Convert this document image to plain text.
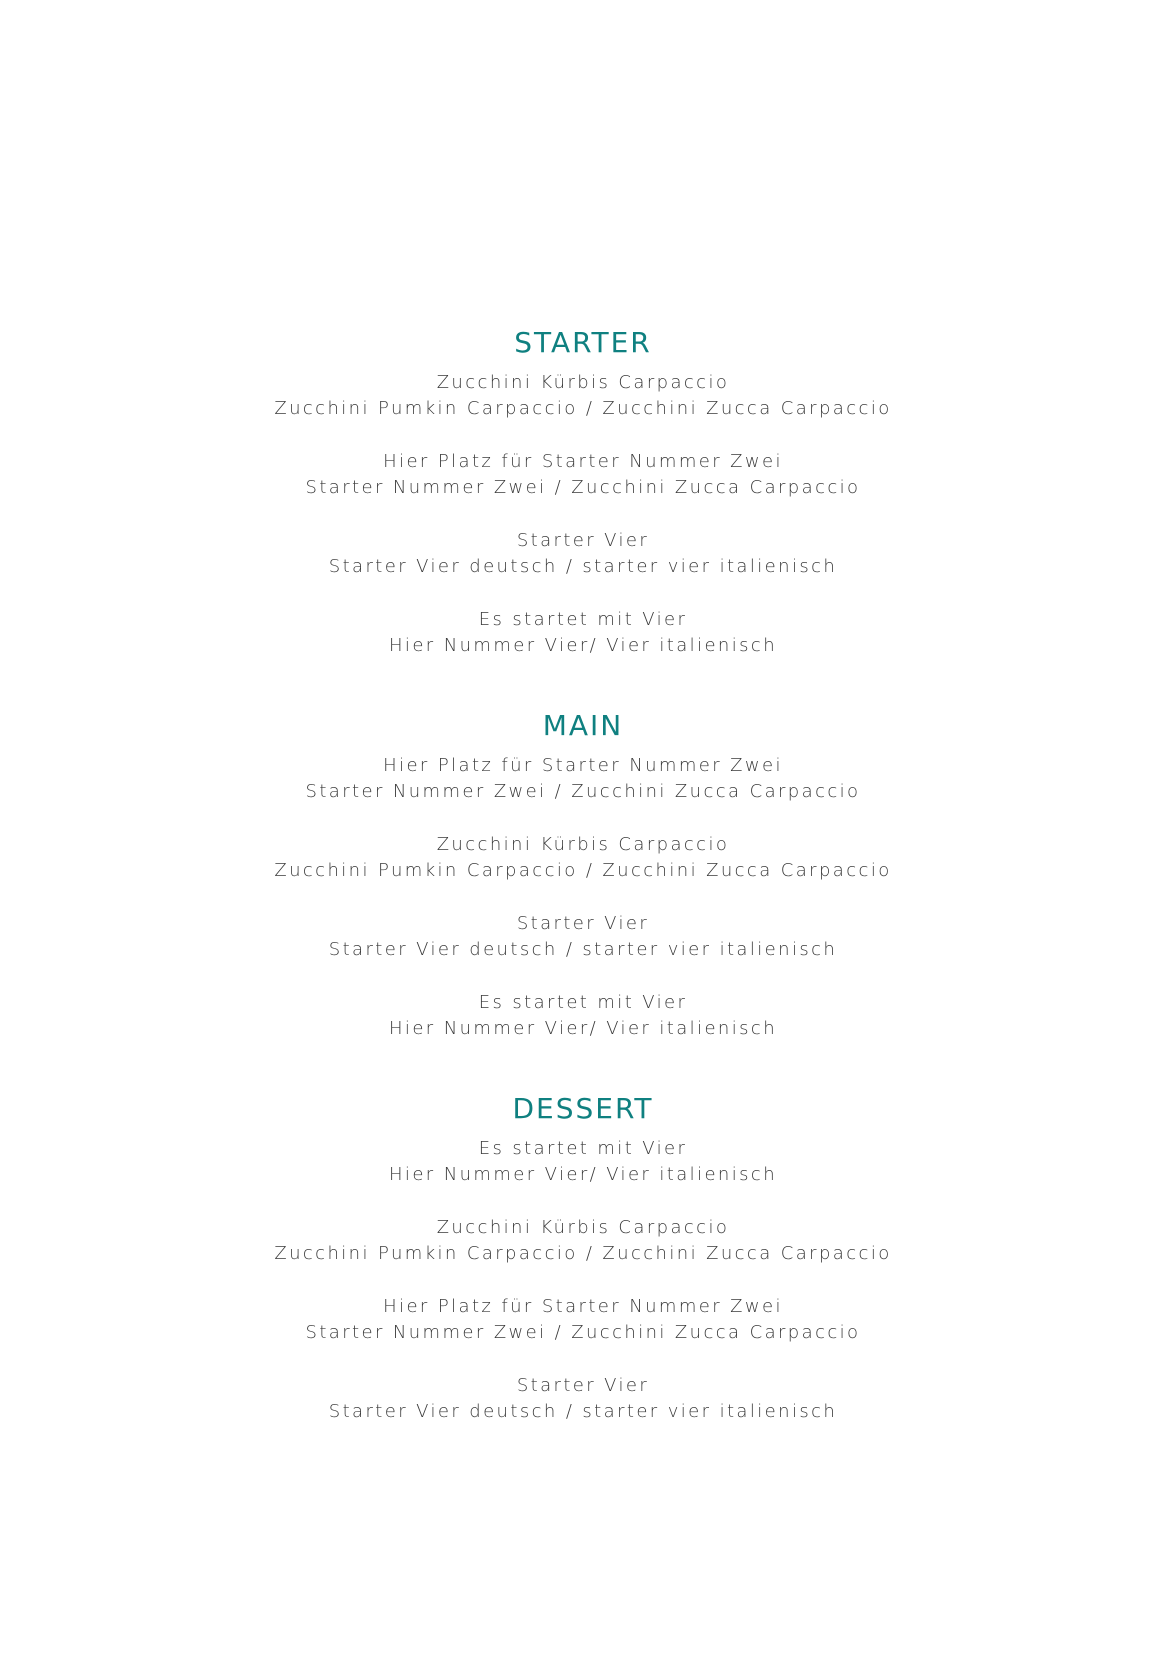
STARTER
Zucchini Kürbis Carpaccio
Zucchini Pumkin Carpaccio / Zucchini Zucca Carpaccio
Hier Platz für Starter Nummer Zwei
Starter Nummer Zwei / Zucchini Zucca Carpaccio
Starter Vier
Starter Vier deutsch / starter vier italienisch
Es startet mit Vier
Hier Nummer Vier/ Vier italienisch
MAIN
Hier Platz für Starter Nummer Zwei
Starter Nummer Zwei / Zucchini Zucca Carpaccio
Zucchini Kürbis Carpaccio
Zucchini Pumkin Carpaccio / Zucchini Zucca Carpaccio
Starter Vier
Starter Vier deutsch / starter vier italienisch
Es startet mit Vier
Hier Nummer Vier/ Vier italienisch
DESSERT
Es startet mit Vier
Hier Nummer Vier/ Vier italienisch
Zucchini Kürbis Carpaccio
Zucchini Pumkin Carpaccio / Zucchini Zucca Carpaccio
Hier Platz für Starter Nummer Zwei
Starter Nummer Zwei / Zucchini Zucca Carpaccio
Starter Vier
Starter Vier deutsch / starter vier italienisch
